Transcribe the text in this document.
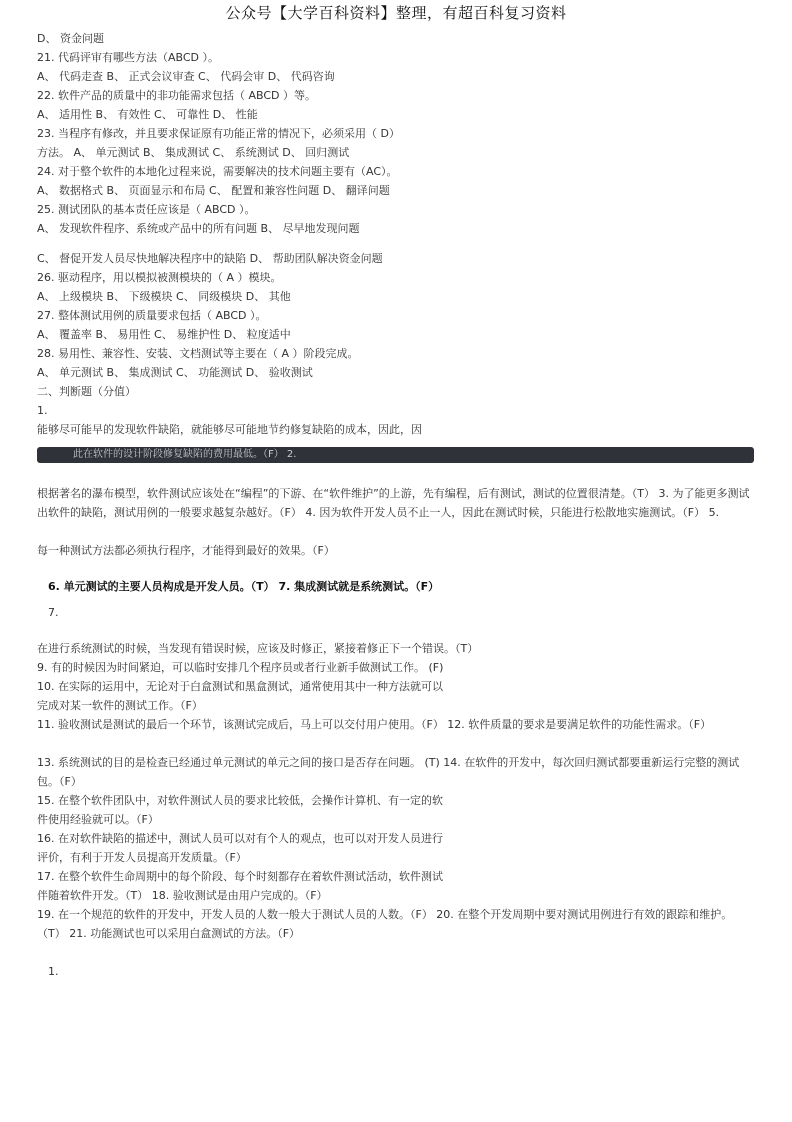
公众号【大学百科资料】整理，有超百科复习资料
D、 资金问题
21. 代码评审有哪些方法（ABCD ）。
A、 代码走查 B、 正式会议审查 C、 代码会审 D、 代码咨询
22. 软件产品的质量中的非功能需求包括（ ABCD ）等。
A、 适用性 B、 有效性 C、 可靠性 D、 性能
23. 当程序有修改，并且要求保证原有功能正常的情况下，必须采用（ D）
方法。 A、 单元测试 B、 集成测试 C、 系统测试 D、 回归测试
24. 对于整个软件的本地化过程来说，需要解决的技术问题主要有（AC）。
A、 数据格式 B、 页面显示和布局 C、 配置和兼容性问题 D、 翻译问题
25. 测试团队的基本责任应该是（ ABCD ）。
A、 发现软件程序、系统或产品中的所有问题 B、 尽早地发现问题
C、 督促开发人员尽快地解决程序中的缺陷 D、 帮助团队解决资金问题
26. 驱动程序，用以模拟被测模块的（ A ）模块。
A、 上级模块 B、 下级模块 C、 同级模块 D、 其他
27. 整体测试用例的质量要求包括（ ABCD ）。
A、 覆盖率 B、 易用性 C、 易维护性 D、 粒度适中
28. 易用性、兼容性、安装、文档测试等主要在（ A ）阶段完成。
A、 单元测试 B、 集成测试 C、 功能测试 D、 验收测试
二、判断题（分值）
1.
能够尽可能早的发现软件缺陷，就能够尽可能地节约修复缺陷的成本，因此，因
此在软件的设计阶段修复缺陷的费用最低。（F） 2.
根据著名的瀑布模型，软件测试应该处在“编程”的下游、在“软件维护”的上游，先有编程，后有测试，测试的位置很清楚。（T） 3. 为了能更多测试出软件的缺陷，测试用例的一般要求越复杂越好。（F） 4. 因为软件开发人员不止一人，因此在测试时候，只能进行松散地实施测试。（F） 5.
每一种测试方法都必须执行程序，才能得到最好的效果。（F）
6. 单元测试的主要人员构成是开发人员。（T） 7. 集成测试就是系统测试。（F）
7.
在进行系统测试的时候，当发现有错误时候，应该及时修正，紧接着修正下一个错误。（T）
9. 有的时候因为时间紧迫，可以临时安排几个程序员或者行业新手做测试工作。 (F)
10. 在实际的运用中，无论对于白盒测试和黑盒测试，通常使用其中一种方法就可以
完成对某一软件的测试工作。（F）
11. 验收测试是测试的最后一个环节，该测试完成后，马上可以交付用户使用。（F） 12. 软件质量的要求是要满足软件的功能性需求。（F）
13. 系统测试的目的是检查已经通过单元测试的单元之间的接口是否存在问题。 (T) 14. 在软件的开发中，每次回归测试都要重新运行完整的测试包。（F）
15. 在整个软件团队中，对软件测试人员的要求比较低，会操作计算机、有一定的软
件使用经验就可以。（F）
16. 在对软件缺陷的描述中，测试人员可以对有个人的观点，也可以对开发人员进行
评价，有利于开发人员提高开发质量。（F）
17. 在整个软件生命周期中的每个阶段、每个时刻都存在着软件测试活动，软件测试
伴随着软件开发。（T） 18. 验收测试是由用户完成的。（F）
19. 在一个规范的软件的开发中，开发人员的人数一般大于测试人员的人数。（F） 20. 在整个开发周期中要对测试用例进行有效的跟踪和维护。（T） 21. 功能测试也可以采用白盒测试的方法。（F）
1.
